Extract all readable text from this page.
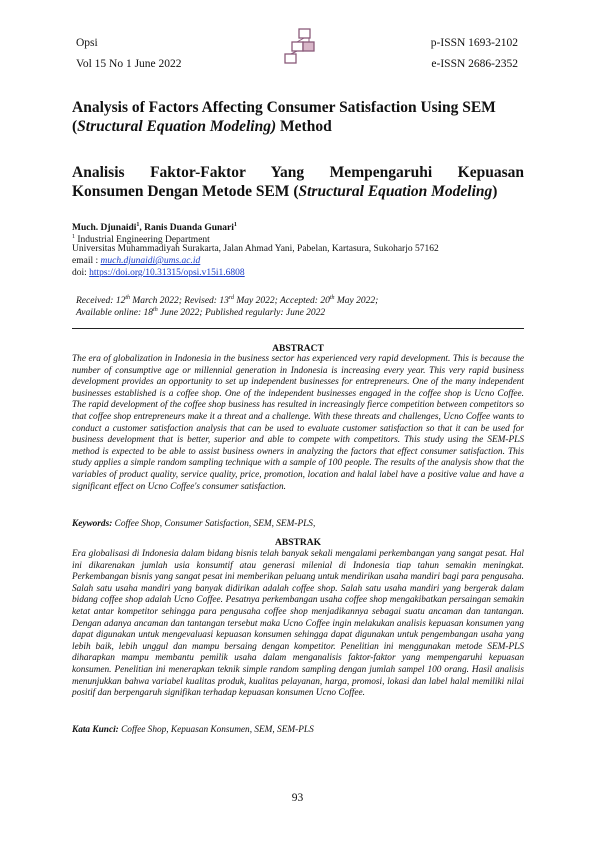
Opsi
Vol 15 No 1 June 2022
p-ISSN 1693-2102
e-ISSN 2686-2352
Analysis of Factors Affecting Consumer Satisfaction Using SEM (Structural Equation Modeling) Method
Analisis Faktor-Faktor Yang Mempengaruhi Kepuasan
Konsumen Dengan Metode SEM (Structural Equation Modeling)
Much. Djunaidi$^1$, Ranis Duanda Gunari$^1$
$^1$ Industrial Engineering Department
Universitas Muhammadiyah Surakarta, Jalan Ahmad Yani, Pabelan, Kartasura, Sukoharjo 57162
email : much.djunaidi@ums.ac.id
doi: https://doi.org/10.31315/opsi.v15i1.6808
Received: 12th March 2022; Revised: 13rd May 2022; Accepted: 20th May 2022;
Available online: 18th June 2022; Published regularly: June 2022
ABSTRACT
The era of globalization in Indonesia in the business sector has experienced very rapid development. This is because the number of consumptive age or millennial generation in Indonesia is increasing every year. This very rapid business development provides an opportunity to set up independent businesses for entrepreneurs. One of the many independent businesses established is a coffee shop. One of the independent businesses engaged in the coffee shop is Ucno Coffee. The rapid development of the coffee shop business has resulted in increasingly fierce competition between competitors so that coffee shop entrepreneurs make it a threat and a challenge. With these threats and challenges, Ucno Coffee wants to conduct a customer satisfaction analysis that can be used to evaluate customer satisfaction so that it can be used for business development that is better, superior and able to compete with competitors. This study using the SEM-PLS method is expected to be able to assist business owners in analyzing the factors that effect consumer satisfaction. This study applies a simple random sampling technique with a sample of 100 people. The results of the analysis show that the variables of product quality, service quality, price, promotion, location and halal label have a positive value and have a significant effect on Ucno Coffee's consumer satisfaction.
Keywords: Coffee Shop, Consumer Satisfaction, SEM, SEM-PLS,
ABSTRAK
Era globalisasi di Indonesia dalam bidang bisnis telah banyak sekali mengalami perkembangan yang sangat pesat. Hal ini dikarenakan jumlah usia konsumtif atau generasi milenial di Indonesia tiap tahun semakin meningkat. Perkembangan bisnis yang sangat pesat ini memberikan peluang untuk mendirikan usaha mandiri bagi para pengusaha. Salah satu usaha mandiri yang banyak didirikan adalah coffee shop. Salah satu usaha mandiri yang bergerak dalam bidang coffee shop adalah Ucno Coffee. Pesatnya perkembangan usaha coffee shop mengakibatkan persaingan semakin ketat antar kompetitor sehingga para pengusaha coffee shop menjadikannya sebagai suatu ancaman dan tantangan. Dengan adanya ancaman dan tantangan tersebut maka Ucno Coffee ingin melakukan analisis kepuasan konsumen yang dapat digunakan untuk mengevaluasi kepuasan konsumen sehingga dapat digunakan untuk pengembangan usaha yang lebih baik, lebih unggul dan mampu bersaing dengan kompetitor. Penelitian ini menggunakan metode SEM-PLS diharapkan mampu membantu pemilik usaha dalam menganalisis faktor-faktor yang mempengaruhi kepuasan konsumen. Penelitian ini menerapkan teknik simple random sampling dengan jumlah sampel 100 orang. Hasil analisis menunjukkan bahwa variabel kualitas produk, kualitas pelayanan, harga, promosi, lokasi dan label halal memiliki nilai positif dan berpengaruh signifikan terhadap kepuasan konsumen Ucno Coffee.
Kata Kunci: Coffee Shop, Kepuasan Konsumen, SEM, SEM-PLS
93
